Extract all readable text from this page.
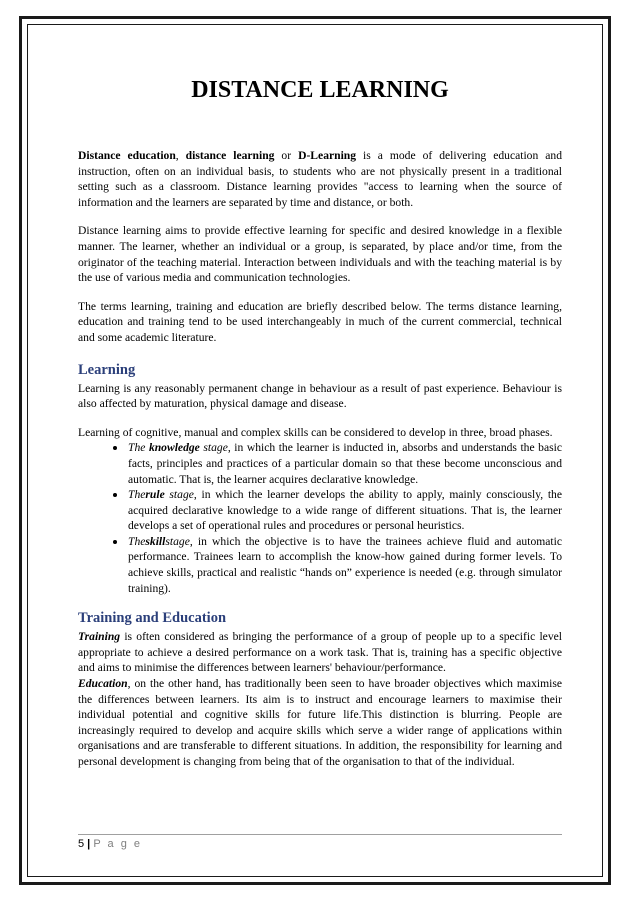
DISTANCE LEARNING

Distance education, distance learning or D-Learning is a mode of delivering education and instruction, often on an individual basis, to students who are not physically present in a traditional setting such as a classroom. Distance learning provides "access to learning when the source of information and the learners are separated by time and distance, or both.

Distance learning aims to provide effective learning for specific and desired knowledge in a flexible manner. The learner, whether an individual or a group, is separated, by place and/or time, from the originator of the teaching material. Interaction between individuals and with the teaching material is by the use of various media and communication technologies.

The terms learning, training and education are briefly described below. The terms distance learning, education and training tend to be used interchangeably in much of the current commercial, technical and some academic literature.

Learning

Learning is any reasonably permanent change in behaviour as a result of past experience. Behaviour is also affected by maturation, physical damage and disease.

Learning of cognitive, manual and complex skills can be considered to develop in three, broad phases.

The knowledge stage, in which the learner is inducted in, absorbs and understands the basic facts, principles and practices of a particular domain so that these become unconscious and automatic. That is, the learner acquires declarative knowledge.
Therule stage, in which the learner develops the ability to apply, mainly consciously, the acquired declarative knowledge to a wide range of different situations. That is, the learner develops a set of operational rules and procedures or personal heuristics.
Theskillstage, in which the objective is to have the trainees achieve fluid and automatic performance. Trainees learn to accomplish the know-how gained during former levels. To achieve skills, practical and realistic “hands on” experience is needed (e.g. through simulator training).
Training and Education

Training is often considered as bringing the performance of a group of people up to a specific level appropriate to achieve a desired performance on a work task. That is, training has a specific objective and aims to minimise the differences between learners' behaviour/performance.

Education, on the other hand, has traditionally been seen to have broader objectives which maximise the differences between learners. Its aim is to instruct and encourage learners to maximise their individual potential and cognitive skills for future life.This distinction is blurring. People are increasingly required to develop and acquire skills which serve a wider range of applications within organisations and are transferable to different situations. In addition, the responsibility for learning and personal development is changing from being that of the organisation to that of the individual.

5 | P a g e
